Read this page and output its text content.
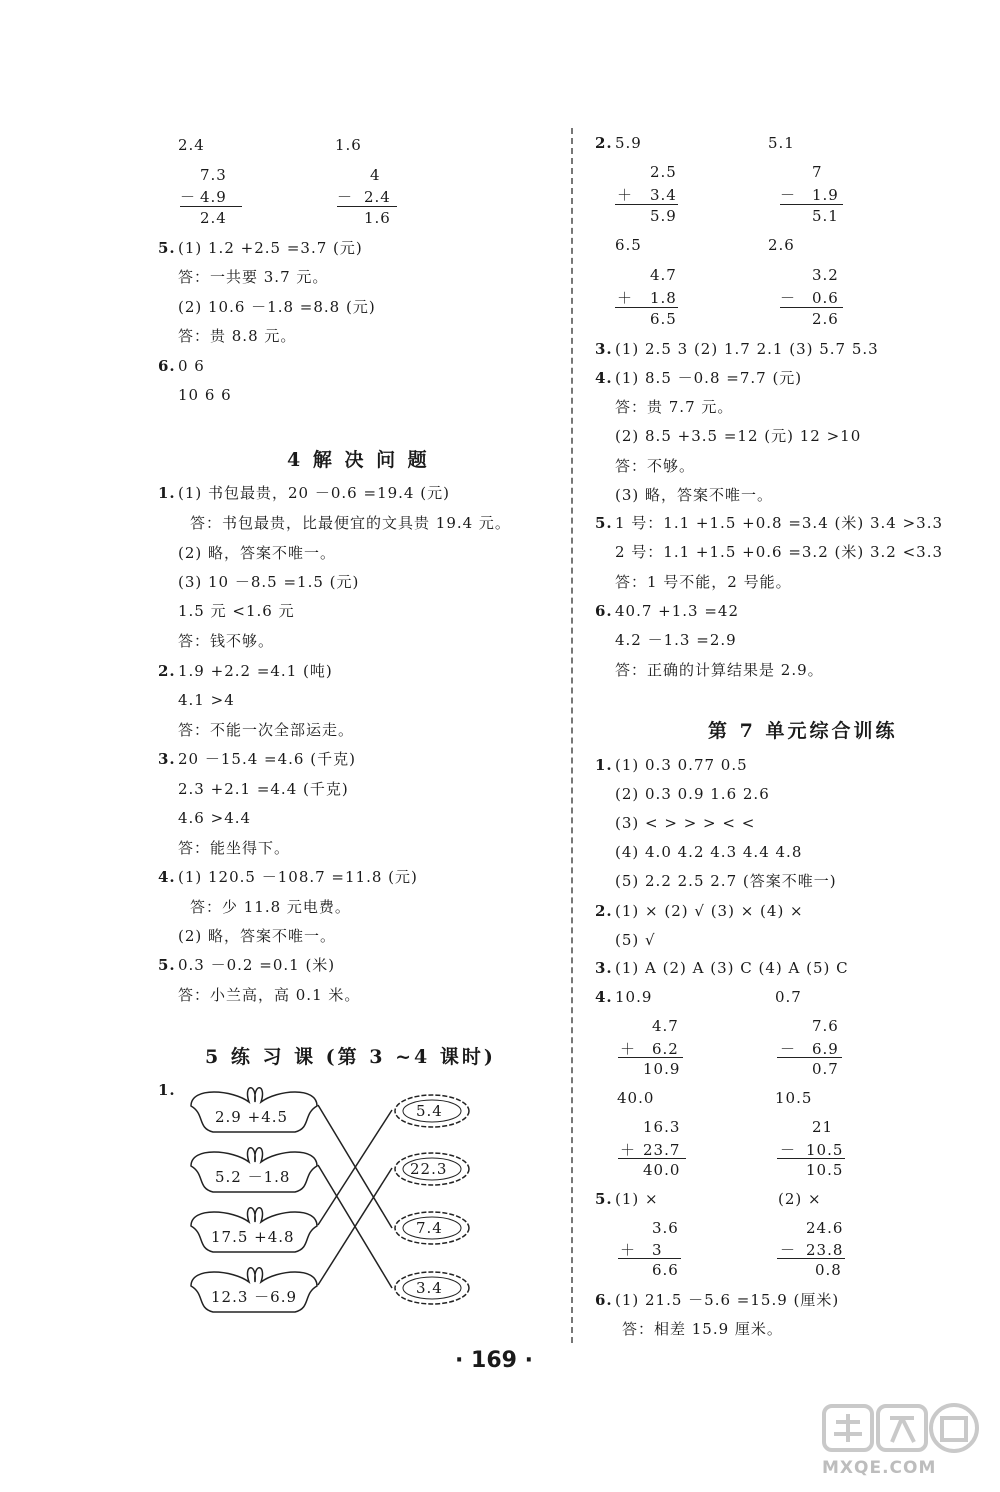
2.4	1.6
7.3
－ 4.9
2.4
4
－ 2.4
1.6
5. (1) 1.2 +2.5 =3.7 (元)
答：一共要 3.7 元。
(2) 10.6 －1.8 =8.8 (元)
答：贵 8.8 元。
6. 0 6
10 6 6
4 解 决 问 题
1. (1) 书包最贵，20 －0.6 =19.4 (元)
答：书包最贵，比最便宜的文具贵 19.4 元。
(2) 略，答案不唯一。
(3) 10 －8.5 =1.5 (元)
1.5 元 <1.6 元
答：钱不够。
2. 1.9 +2.2 =4.1 (吨)
4.1 >4
答：不能一次全部运走。
3. 20 －15.4 =4.6 (千克)
2.3 +2.1 =4.4 (千克)
4.6 >4.4
答：能坐得下。
4. (1) 120.5 －108.7 =11.8 (元)
答：少 11.8 元电费。
(2) 略，答案不唯一。
5. 0.3 －0.2 =0.1 (米)
答：小兰高，高 0.1 米。
5 练 习 课 (第 3 ~4 课时)
1.
2.9 +4.5
5.2 －1.8
17.5 +4.8
12.3 －6.9
5.4
22.3
7.4
3.4
2. 5.9	5.1
2.5
＋ 3.4
5.9
7
－ 1.9
5.1
6.5	2.6
4.7
＋ 1.8
6.5
3.2
－ 0.6
2.6
3. (1) 2.5 3 (2) 1.7 2.1 (3) 5.7 5.3
4. (1) 8.5 －0.8 =7.7 (元)
答：贵 7.7 元。
(2) 8.5 +3.5 =12 (元) 12 >10
答：不够。
(3) 略，答案不唯一。
5. 1 号：1.1 +1.5 +0.8 =3.4 (米) 3.4 >3.3
2 号：1.1 +1.5 +0.6 =3.2 (米) 3.2 <3.3
答：1 号不能，2 号能。
6. 40.7 +1.3 =42
4.2 －1.3 =2.9
答：正确的计算结果是 2.9。
第 7 单元综合训练
1. (1) 0.3 0.77 0.5
(2) 0.3 0.9 1.6 2.6
(3) < > > > < <
(4) 4.0 4.2 4.3 4.4 4.8
(5) 2.2 2.5 2.7 (答案不唯一)
2. (1) × (2) √ (3) × (4) ×
(5) √
3. (1) A (2) A (3) C (4) A (5) C
4. 10.9	0.7
4.7
＋ 6.2
10.9
7.6
－ 6.9
0.7
40.0	10.5
16.3
＋ 23.7
40.0
21
－ 10.5
10.5
5. (1) ×	(2) ×
3.6
＋ 3
6.6
24.6
－ 23.8
0.8
6. (1) 21.5 －5.6 =15.9 (厘米)
答：相差 15.9 厘米。
· 169 ·
MXQE.COM
